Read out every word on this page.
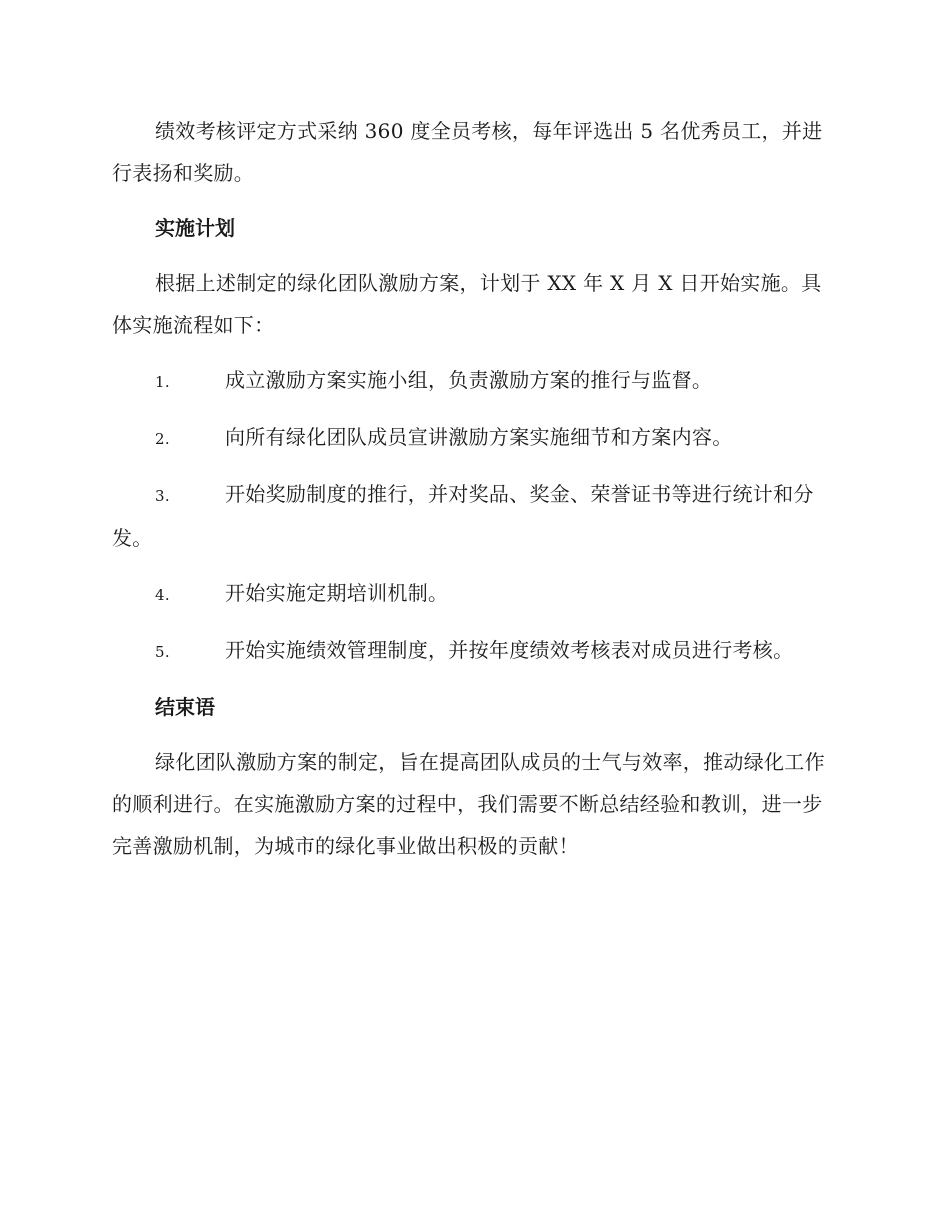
绩效考核评定方式采纳 360 度全员考核，每年评选出 5 名优秀员工，并进行表扬和奖励。

实施计划

根据上述制定的绿化团队激励方案，计划于 XX 年 X 月 X 日开始实施。具体实施流程如下：

1.	成立激励方案实施小组，负责激励方案的推行与监督。
2.	向所有绿化团队成员宣讲激励方案实施细节和方案内容。
3.	开始奖励制度的推行，并对奖品、奖金、荣誉证书等进行统计和分发。
4.	开始实施定期培训机制。
5.	开始实施绩效管理制度，并按年度绩效考核表对成员进行考核。
结束语

绿化团队激励方案的制定，旨在提高团队成员的士气与效率，推动绿化工作的顺利进行。在实施激励方案的过程中，我们需要不断总结经验和教训，进一步完善激励机制，为城市的绿化事业做出积极的贡献！
